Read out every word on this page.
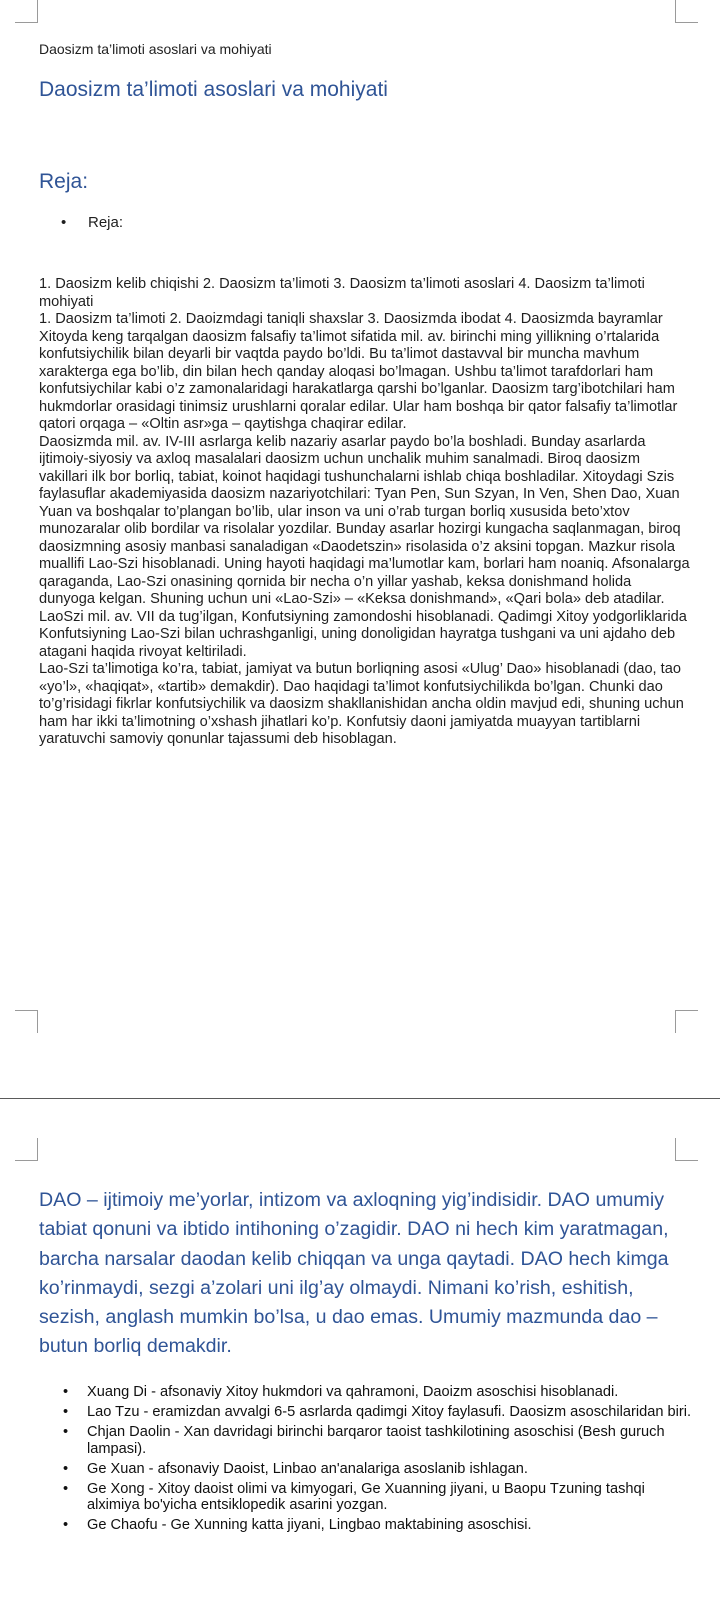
Daosizm ta’limoti asoslari va mohiyati
Daosizm ta’limoti asoslari va mohiyati
Reja:
• Reja:

1. Daosizm kelib chiqishi 2. Daosizm ta’limoti 3. Daosizm ta’limoti asoslari 4. Daosizm ta’limoti mohiyati

1. Daosizm ta’limoti 2. Daoizmdagi taniqli shaxslar 3. Daosizmda ibodat 4. Daosizmda bayramlar

Xitoyda keng tarqalgan daosizm falsafiy ta’limot sifatida mil. av. birinchi ming yillikning o’rtalarida konfutsiychilik bilan deyarli bir vaqtda paydo bo’ldi. Bu ta’limot dastavval bir muncha mavhum xarakterga ega bo’lib, din bilan hech qanday aloqasi bo’lmagan. Ushbu ta’limot tarafdorlari ham konfutsiychilar kabi o’z zamonalaridagi harakatlarga qarshi bo’lganlar. Daosizm targ’ibotchilari ham hukmdorlar orasidagi tinimsiz urushlarni qoralar edilar. Ular ham boshqa bir qator falsafiy ta’limotlar qatori orqaga – «Oltin asr»ga – qaytishga chaqirar edilar.

Daosizmda mil. av. IV-III asrlarga kelib nazariy asarlar paydo bo’la boshladi. Bunday asarlarda ijtimoiy-siyosiy va axloq masalalari daosizm uchun unchalik muhim sanalmadi. Biroq daosizm vakillari ilk bor borliq, tabiat, koinot haqidagi tushunchalarni ishlab chiqa boshladilar. Xitoydagi Szis faylasuflar akademiyasida daosizm nazariyotchilari: Tyan Pen, Sun Szyan, In Ven, Shen Dao, Xuan Yuan va boshqalar to’plangan bo’lib, ular inson va uni o’rab turgan borliq xususida beto’xtov munozaralar olib bordilar va risolalar yozdilar. Bunday asarlar hozirgi kungacha saqlanmagan, biroq daosizmning asosiy manbasi sanaladigan «Daodetszin» risolasida o’z aksini topgan. Mazkur risola muallifi Lao-Szi hisoblanadi. Uning hayoti haqidagi ma’lumotlar kam, borlari ham noaniq. Afsonalarga qaraganda, Lao-Szi onasining qornida bir necha o’n yillar yashab, keksa donishmand holida dunyoga kelgan. Shuning uchun uni «Lao-Szi» – «Keksa donishmand», «Qari bola» deb atadilar. LaoSzi mil. av. VII da tug’ilgan, Konfutsiyning zamondoshi hisoblanadi. Qadimgi Xitoy yodgorliklarida Konfutsiyning Lao-Szi bilan uchrashganligi, uning donoligidan hayratga tushgani va uni ajdaho deb atagani haqida rivoyat keltiriladi.

Lao-Szi ta’limotiga ko’ra, tabiat, jamiyat va butun borliqning asosi «Ulug’ Dao» hisoblanadi (dao, tao «yo’l», «haqiqat», «tartib» demakdir). Dao haqidagi ta’limot konfutsiychilikda bo’lgan. Chunki dao to’g’risidagi fikrlar konfutsiychilik va daosizm shakllanishidan ancha oldin mavjud edi, shuning uchun ham har ikki ta’limotning o’xshash jihatlari ko’p. Konfutsiy daoni jamiyatda muayyan tartiblarni yaratuvchi samoviy qonunlar tajassumi deb hisoblagan.

DAO – ijtimoiy me’yorlar, intizom va axloqning yig’indisidir. DAO umumiy tabiat qonuni va ibtido intihoning o’zagidir. DAO ni hech kim yaratmagan, barcha narsalar daodan kelib chiqqan va unga qaytadi. DAO hech kimga ko’rinmaydi, sezgi a’zolari uni ilg’ay olmaydi. Nimani ko’rish, eshitish, sezish, anglash mumkin bo’lsa, u dao emas. Umumiy mazmunda dao – butun borliq demakdir.
• Xuang Di - afsonaviy Xitoy hukmdori va qahramoni, Daoizm asoschisi hisoblanadi.
• Lao Tzu - eramizdan avvalgi 6-5 asrlarda qadimgi Xitoy faylasufi. Daosizm asoschilaridan biri.
• Chjan Daolin - Xan davridagi birinchi barqaror taoist tashkilotining asoschisi (Besh guruch lampasi).
• Ge Xuan - afsonaviy Daoist, Linbao an'analariga asoslanib ishlagan.
• Ge Xong - Xitoy daoist olimi va kimyogari, Ge Xuanning jiyani, u Baopu Tzuning tashqi alximiya bo'yicha entsiklopedik asarini yozgan.
• Ge Chaofu - Ge Xunning katta jiyani, Lingbao maktabining asoschisi.
